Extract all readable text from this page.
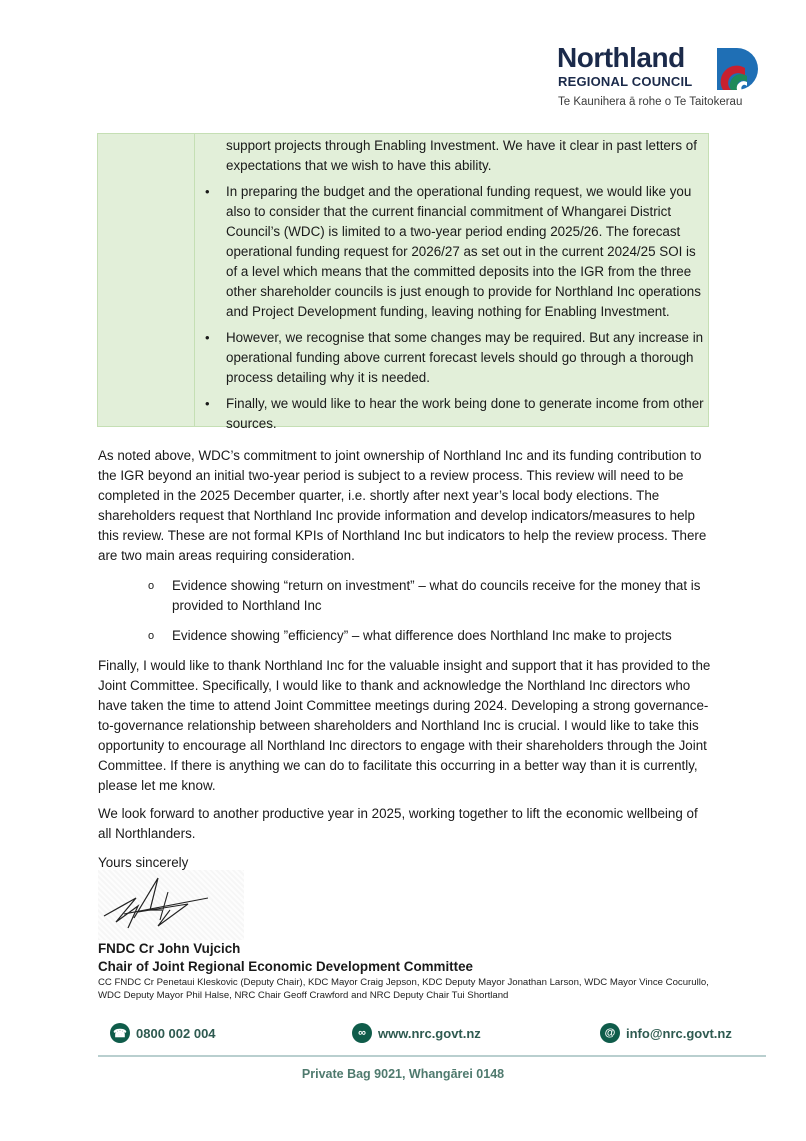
Northland
REGIONAL COUNCIL
Te Kaunihera ā rohe o Te Taitokerau

support projects through Enabling Investment. We have it clear in past letters of expectations that we wish to have this ability.

• In preparing the budget and the operational funding request, we would like you also to consider that the current financial commitment of Whangarei District Council’s (WDC) is limited to a two-year period ending 2025/26. The forecast operational funding request for 2026/27 as set out in the current 2024/25 SOI is of a level which means that the committed deposits into the IGR from the three other shareholder councils is just enough to provide for Northland Inc operations and Project Development funding, leaving nothing for Enabling Investment.
• However, we recognise that some changes may be required. But any increase in operational funding above current forecast levels should go through a thorough process detailing why it is needed.
• Finally, we would like to hear the work being done to generate income from other sources.

As noted above, WDC’s commitment to joint ownership of Northland Inc and its funding contribution to the IGR beyond an initial two-year period is subject to a review process. This review will need to be completed in the 2025 December quarter, i.e. shortly after next year’s local body elections. The shareholders request that Northland Inc provide information and develop indicators/measures to help this review. These are not formal KPIs of Northland Inc but indicators to help the review process. There are two main areas requiring consideration.

o Evidence showing “return on investment” – what do councils receive for the money that is provided to Northland Inc
o Evidence showing ”efficiency” – what difference does Northland Inc make to projects

Finally, I would like to thank Northland Inc for the valuable insight and support that it has provided to the Joint Committee. Specifically, I would like to thank and acknowledge the Northland Inc directors who have taken the time to attend Joint Committee meetings during 2024. Developing a strong governance-to-governance relationship between shareholders and Northland Inc is crucial. I would like to take this opportunity to encourage all Northland Inc directors to engage with their shareholders through the Joint Committee. If there is anything we can do to facilitate this occurring in a better way than it is currently, please let me know.

We look forward to another productive year in 2025, working together to lift the economic wellbeing of all Northlanders.

Yours sincerely

FNDC Cr John Vujcich
Chair of Joint Regional Economic Development Committee
CC FNDC Cr Penetaui Kleskovic (Deputy Chair), KDC Mayor Craig Jepson, KDC Deputy Mayor Jonathan Larson, WDC Mayor Vince Cocurullo, WDC Deputy Mayor Phil Halse, NRC Chair Geoff Crawford and NRC Deputy Chair Tui Shortland
☎ 0800 002 004	∞ www.nrc.govt.nz	@ info@nrc.govt.nz
Private Bag 9021, Whangārei 0148
